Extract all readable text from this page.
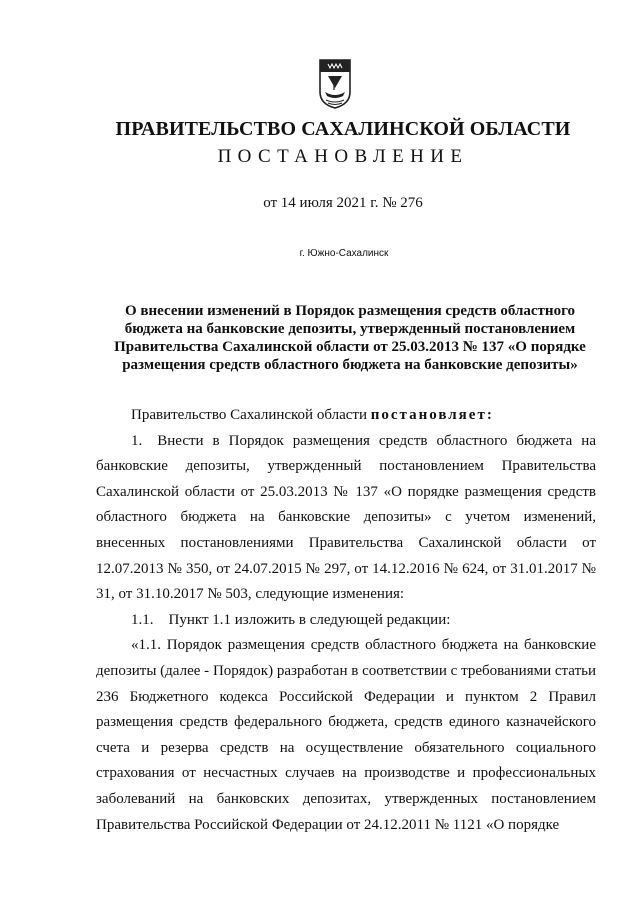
ПРАВИТЕЛЬСТВО САХАЛИНСКОЙ ОБЛАСТИ
ПОСТАНОВЛЕНИЕ
от 14 июля 2021 г. № 276
г. Южно-Сахалинск
О внесении изменений в Порядок размещения средств областного бюджета на банковские депозиты, утвержденный постановлением Правительства Сахалинской области от 25.03.2013 № 137 «О порядке размещения средств областного бюджета на банковские депозиты»

Правительство Сахалинской области постановляет:

1. Внести в Порядок размещения средств областного бюджета на банковские депозиты, утвержденный постановлением Правительства Сахалинской области от 25.03.2013 № 137 «О порядке размещения средств областного бюджета на банковские депозиты» с учетом изменений, внесенных постановлениями Правительства Сахалинской области от 12.07.2013 № 350, от 24.07.2015 № 297, от 14.12.2016 № 624, от 31.01.2017 № 31, от 31.10.2017 № 503, следующие изменения:

1.1. Пункт 1.1 изложить в следующей редакции:

«1.1. Порядок размещения средств областного бюджета на банковские депозиты (далее - Порядок) разработан в соответствии с требованиями статьи 236 Бюджетного кодекса Российской Федерации и пунктом 2 Правил размещения средств федерального бюджета, средств единого казначейского счета и резерва средств на осуществление обязательного социального страхования от несчастных случаев на производстве и профессиональных заболеваний на банковских депозитах, утвержденных постановлением Правительства Российской Федерации от 24.12.2011 № 1121 «О порядке
